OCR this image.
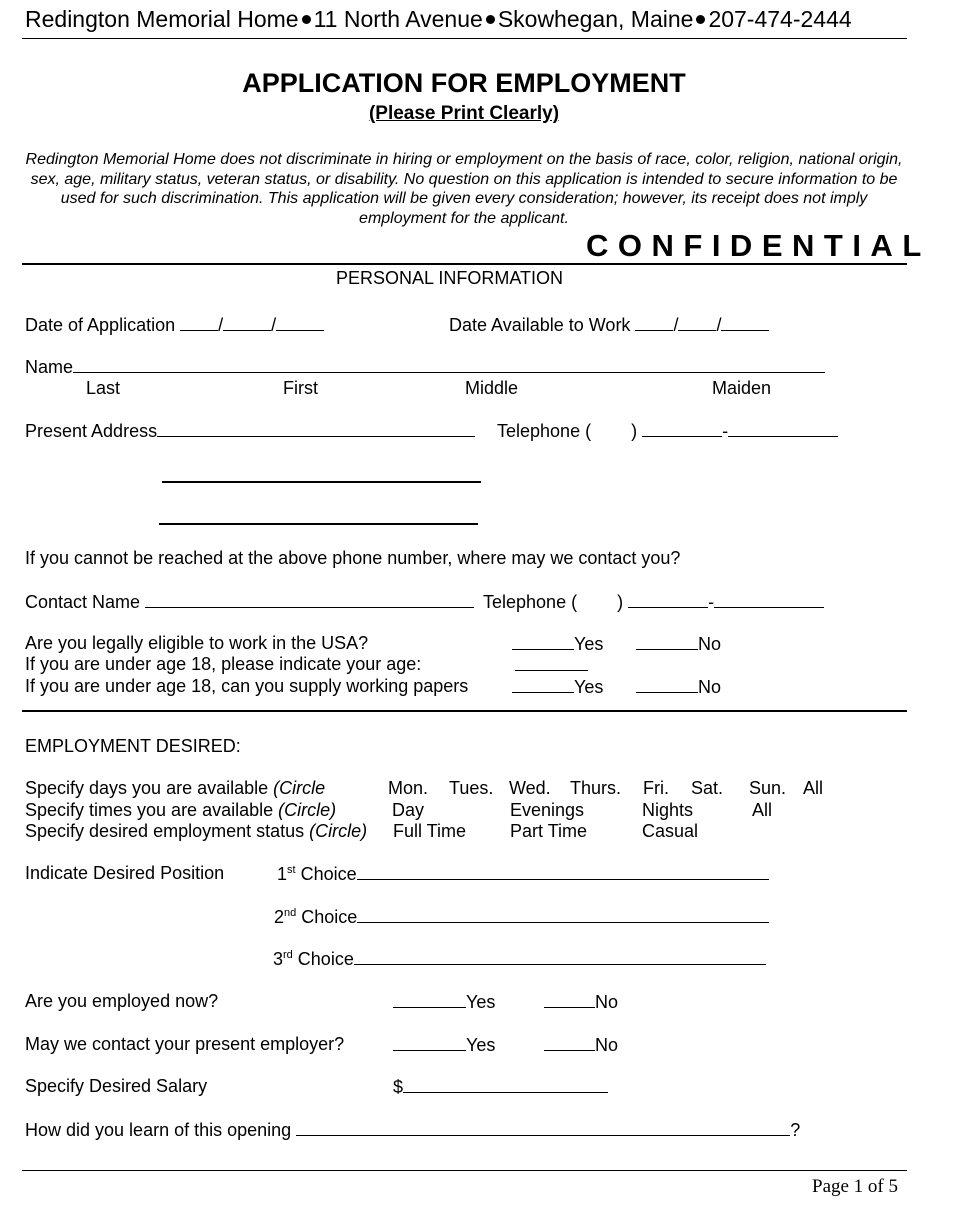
Redington Memorial Home 11 North Avenue Skowhegan, Maine 207-474-2444
APPLICATION FOR EMPLOYMENT
(Please Print Clearly)
Redington Memorial Home does not discriminate in hiring or employment on the basis of race, color, religion, national origin, sex, age, military status, veteran status, or disability. No question on this application is intended to secure information to be used for such discrimination. This application will be given every consideration; however, its receipt does not imply employment for the applicant.
CONFIDENTIAL
PERSONAL INFORMATION
Date of Application /	/	Date Available to Work / /
Name
Last	First	Middle	Maiden
Present Address	Telephone ( )	-
If you cannot be reached at the above phone number, where may we contact you?
Contact Name	Telephone ( )	-
Are you legally eligible to work in the USA?	Yes	No
If you are under age 18, please indicate your age:
If you are under age 18, can you supply working papers	Yes	No
EMPLOYMENT DESIRED:
Specify days you are available (Circle	Mon. Tues. Wed. Thurs. Fri. Sat. Sun. All
Specify times you are available (Circle)	Day	Evenings	Nights	All
Specify desired employment status (Circle) Full Time Part Time	Casual
Indicate Desired Position	1st Choice
2nd Choice
3rd Choice
Are you employed now?	Yes	No
May we contact your present employer?	Yes	No
Specify Desired Salary	$
How did you learn of this opening	?
Page 1 of 5
